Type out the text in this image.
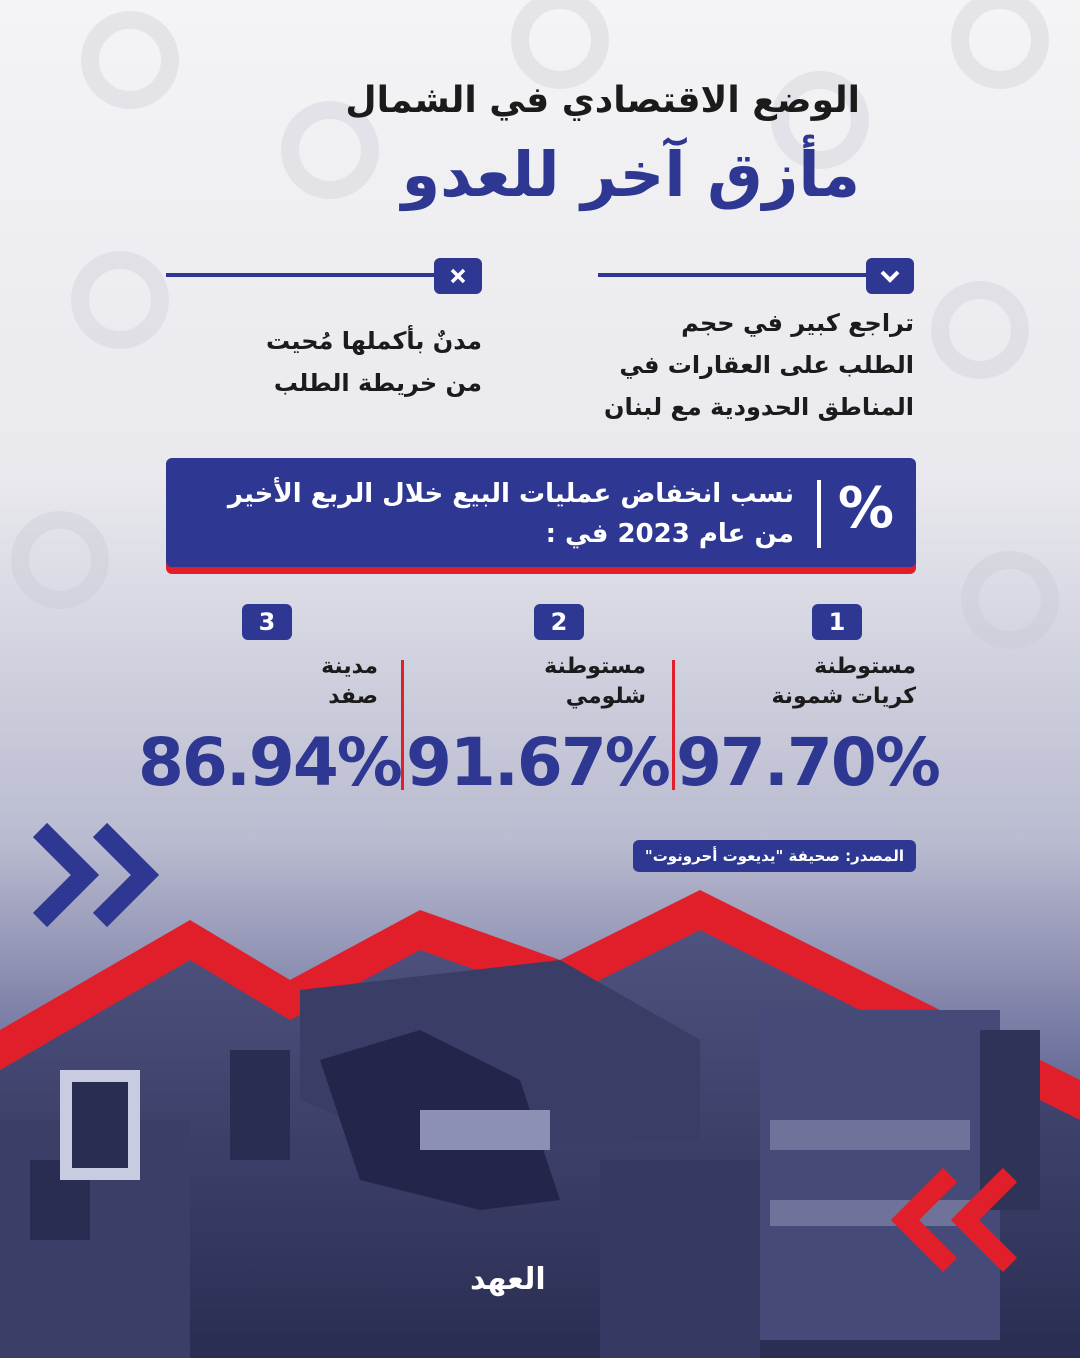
الوضع الاقتصادي في الشمال
مأزق آخر للعدو
تراجع كبير في حجم
الطلب على العقارات في
المناطق الحدودية مع لبنان
مدنٌ بأكملها مُحيت
من خريطة الطلب
%
نسب انخفاض عمليات البيع خلال الربع الأخير
من عام 2023 في :
1
مستوطنة
كريات شمونة
97.70%
2
مستوطنة
شلومي
91.67%
3
مدينة
صفد
86.94%
المصدر: صحيفة "يديعوت أحرونوت"
العهد
